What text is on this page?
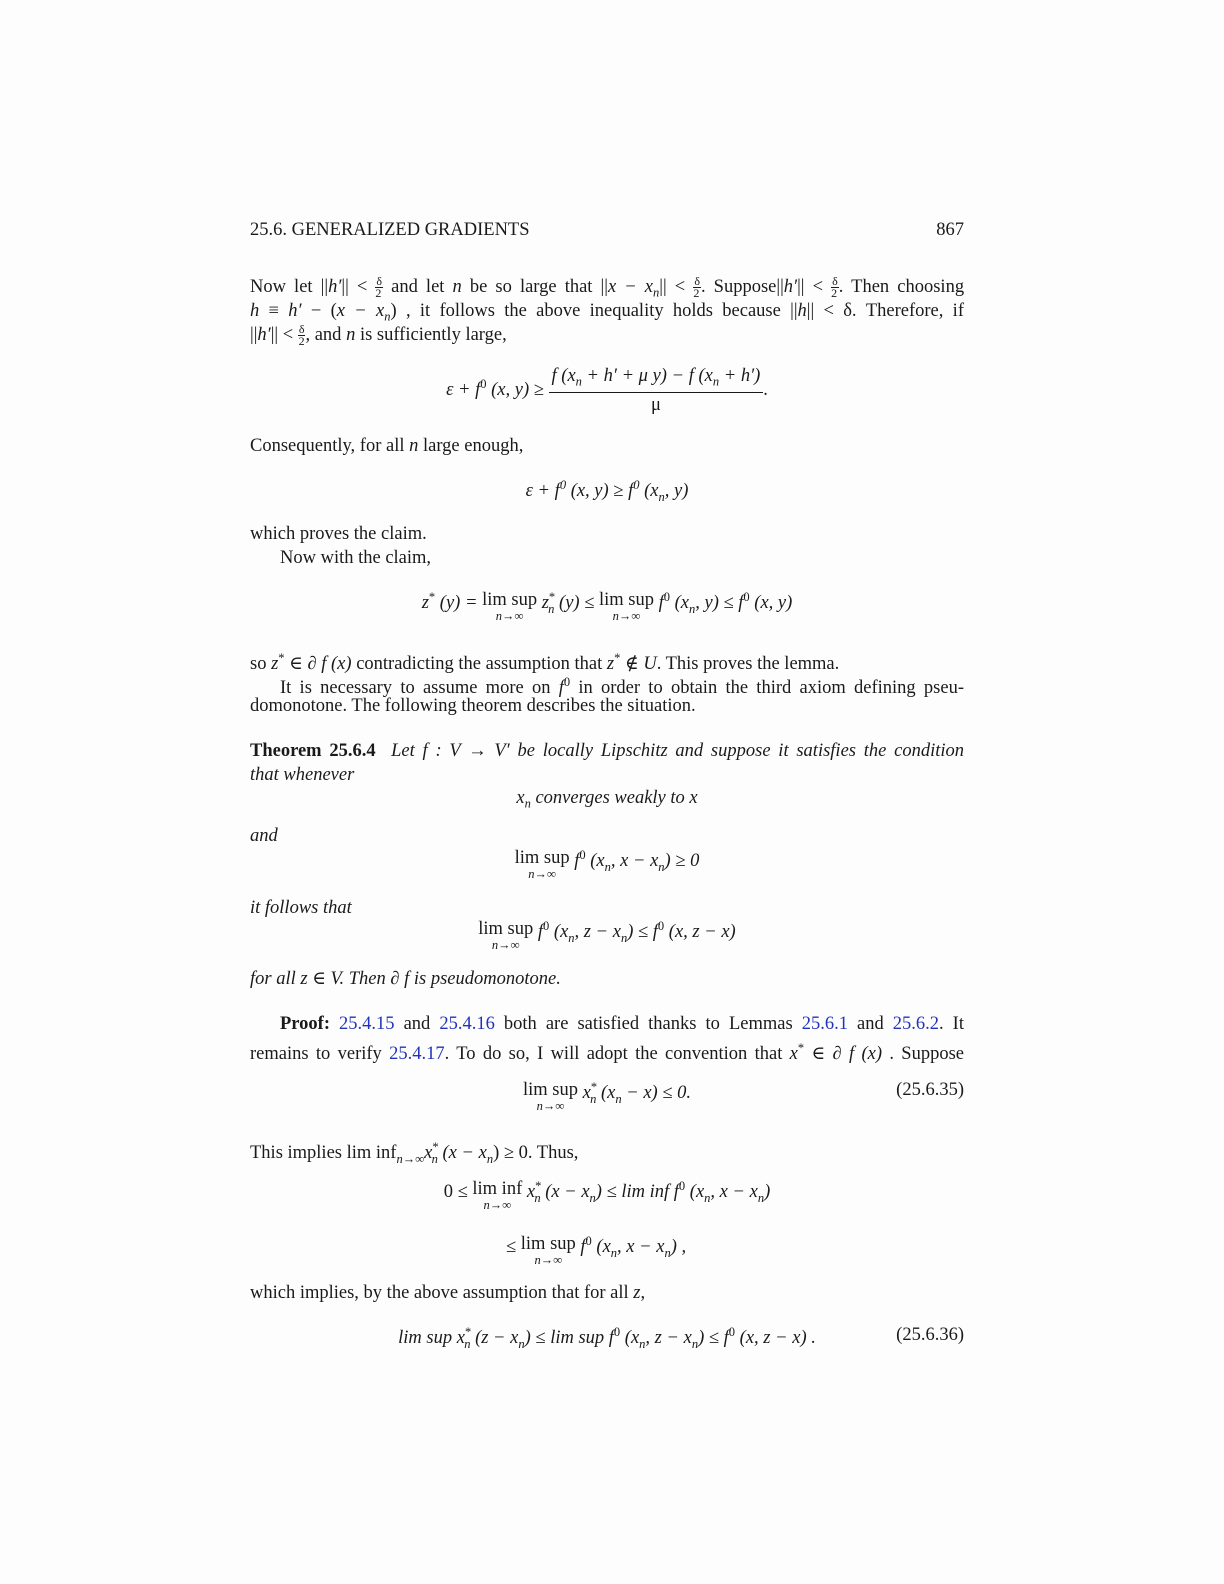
25.6. GENERALIZED GRADIENTS	867
Now let $||h'|| < \frac{\delta}{2}$ and let n be so large that $||x - x_n|| < \frac{\delta}{2}$ . Suppose||h′|| < $\frac{\delta}{2}$ . Then choosing
$h \equiv h' - (x - x_n)$ , it follows the above inequality holds because ||h|| < δ. Therefore, if
$||h'|| < \frac{\delta}{2}$ , and n is sufficiently large,
$\varepsilon + f^0$ (x, $y) \ge \frac{f (x_n + h' + \mu y) - f (x_n + h')}{\mu}$ .
Consequently, for all n large enough,
$\varepsilon + f^0$ (x, $y) \ge f^0$ ($x_n$, y)
which proves the claim.
Now with the claim,
z* (y) = lim sup
n→∞
$z^*_n$ (y) ≤ lim sup
n→∞
$f^0$ ($x_n$, $y) \le f^0$ (x, y)
so z* ∈ ∂ f (x) contradicting the assumption that z* ∉ U. This proves the lemma.
It is necessary to assume more on $f^0$ in order to obtain the third axiom defining pseu-
domonotone. The following theorem describes the situation.
Theorem 25.6.4 Let f : V → V′ be locally Lipschitz and suppose it satisfies the condition
that whenever
$x_n$ converges weakly to x
and
lim sup
n→∞
$f^0$ ($x_n$, $x - x_n) \ge 0$
it follows that
lim sup
n→∞
$f^0$ ($x_n$, $z - x_n) \le f^0$ (x, z − x)
for all z ∈ V. Then ∂ f is pseudomonotone.
Proof: 25.4.15 and 25.4.16 both are satisfied thanks to Lemmas 25.6.1 and 25.6.2. It
remains to verify 25.4.17. To do so, I will adopt the convention that x* ∈ ∂ f (x) . Suppose
lim sup
n→∞
$x^*_n$ $(x_n - x) \le 0$.	(25.6.35)
This implies $\lim inf_{n\to\infty}x^*_n$ $(x - x_n) \ge 0$. Thus,
0 ≤ lim inf
n→∞
$x^*_n$ $(x - x_n) \le \lim$ inf $f^0$ ($x_n$, $x - x_n$)
≤ lim sup
n→∞
$f^0$ ($x_n$, $x - x_n$) ,
which implies, by the above assumption that for all z,
lim sup $x^*_n$ $(z - x_n) \le \lim$ sup $f^0$ ($x_n$, $z - x_n) \le f^0$ (x, z − x) .	(25.6.36)
